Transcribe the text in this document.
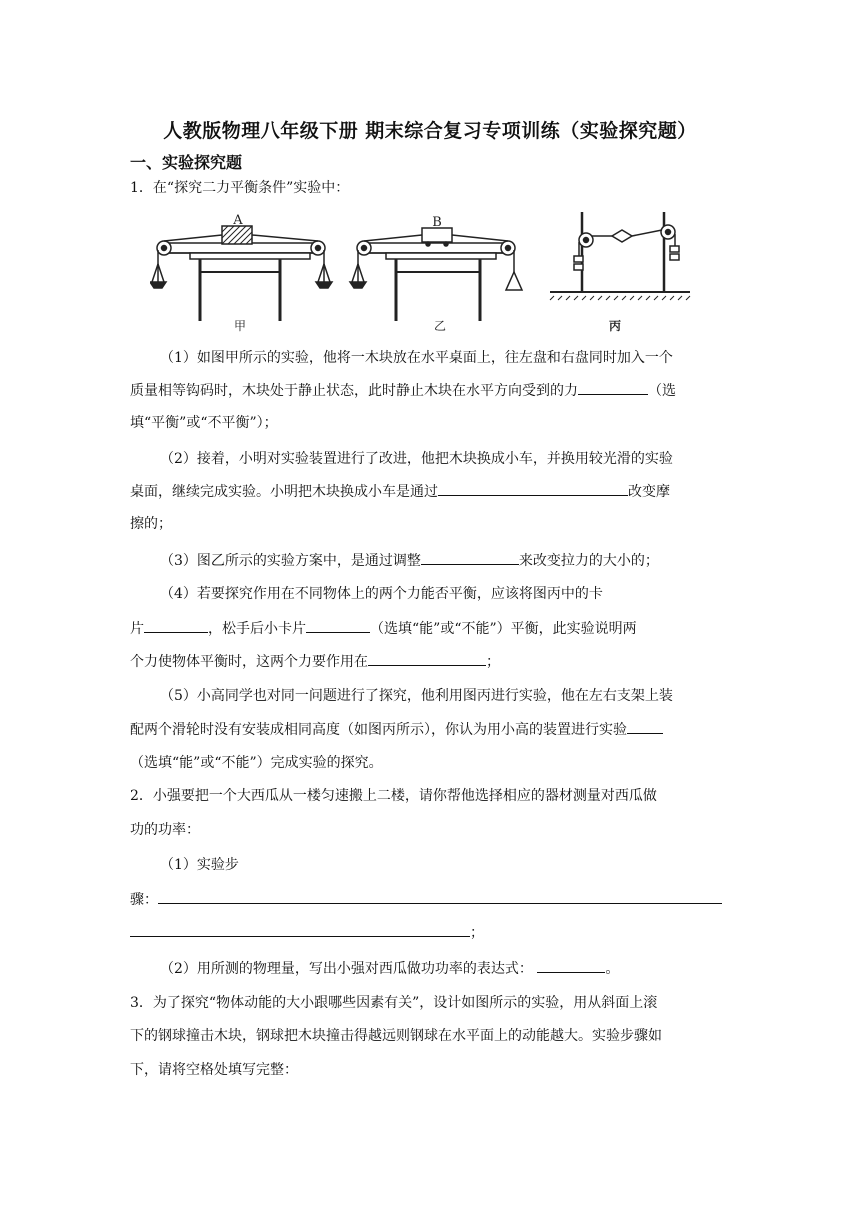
人教版物理八年级下册 期末综合复习专项训练（实验探究题）
一、实验探究题
1．在“探究二力平衡条件”实验中：
A	B
甲	乙	丙
（1）如图甲所示的实验，他将一木块放在水平桌面上，往左盘和右盘同时加入一个
质量相等钩码时，木块处于静止状态，此时静止木块在水平方向受到的力	（选
填“平衡”或“不平衡”）；
（2）接着，小明对实验装置进行了改进，他把木块换成小车，并换用较光滑的实验
桌面，继续完成实验。小明把木块换成小车是通过	改变摩
擦的；
（3）图乙所示的实验方案中，是通过调整	来改变拉力的大小的；
（4）若要探究作用在不同物体上的两个力能否平衡，应该将图丙中的卡
片	，松手后小卡片	（选填“能”或“不能”）平衡，此实验说明两
个力使物体平衡时，这两个力要作用在	；
（5）小高同学也对同一问题进行了探究，他利用图丙进行实验，他在左右支架上装
配两个滑轮时没有安装成相同高度（如图丙所示），你认为用小高的装置进行实验
（选填“能”或“不能”）完成实验的探究。
2．小强要把一个大西瓜从一楼匀速搬上二楼，请你帮他选择相应的器材测量对西瓜做
功的功率：
（1）实验步
骤：
；
（2）用所测的物理量，写出小强对西瓜做功功率的表达式：	。
3．为了探究“物体动能的大小跟哪些因素有关”，设计如图所示的实验，用从斜面上滚
下的钢球撞击木块，钢球把木块撞击得越远则钢球在水平面上的动能越大。实验步骤如
下，请将空格处填写完整：
